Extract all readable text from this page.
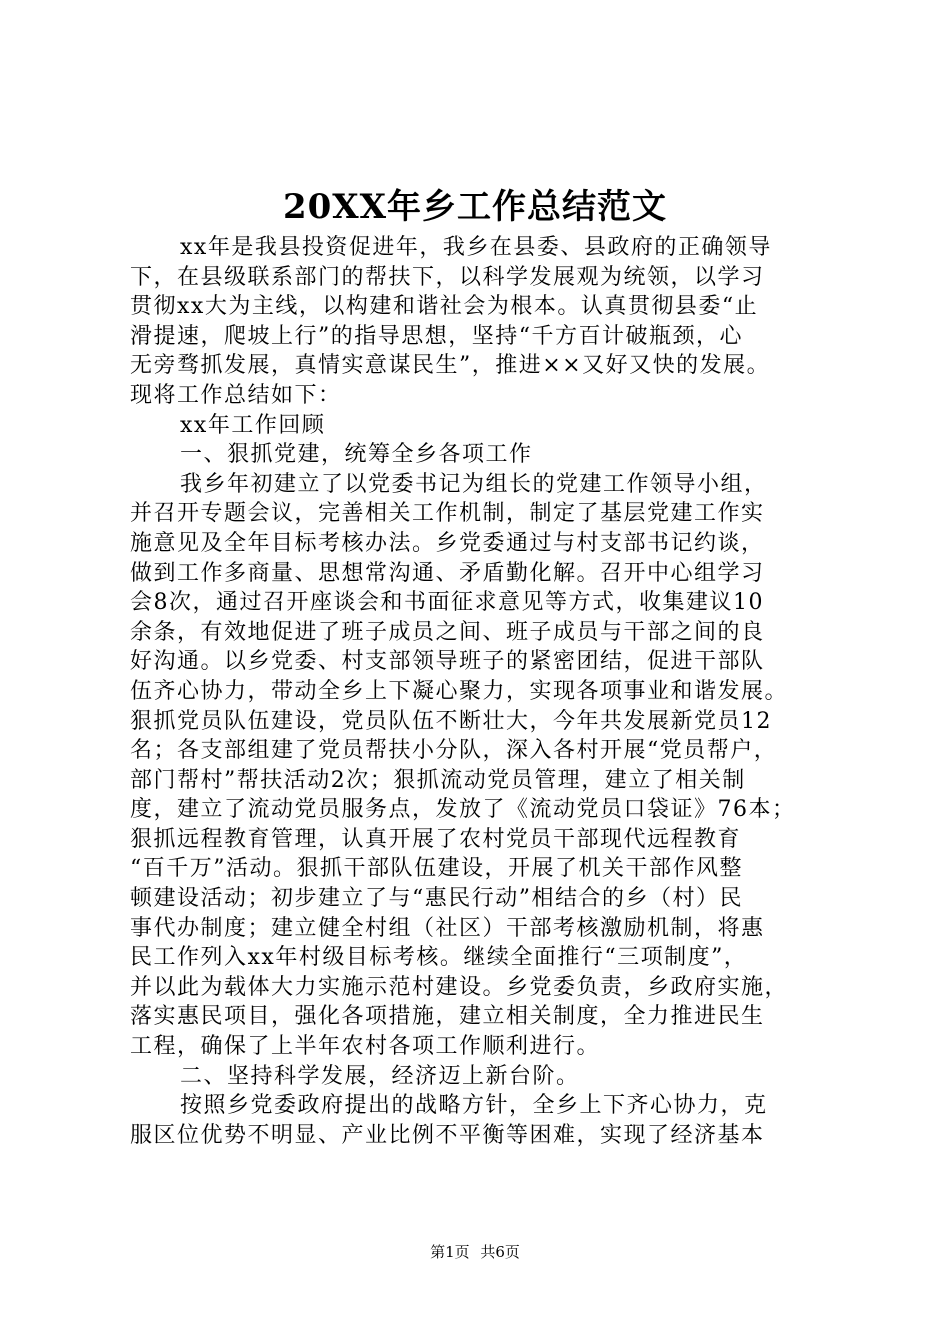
20XX年乡工作总结范文
xx年是我县投资促进年，我乡在县委、县政府的正确领导
下，在县级联系部门的帮扶下，以科学发展观为统领，以学习
贯彻xx大为主线，以构建和谐社会为根本。认真贯彻县委“止
滑提速，爬坡上行”的指导思想，坚持“千方百计破瓶颈，心
无旁骛抓发展，真情实意谋民生”，推进××又好又快的发展。
现将工作总结如下：
xx年工作回顾
一、狠抓党建，统筹全乡各项工作
我乡年初建立了以党委书记为组长的党建工作领导小组，
并召开专题会议，完善相关工作机制，制定了基层党建工作实
施意见及全年目标考核办法。乡党委通过与村支部书记约谈，
做到工作多商量、思想常沟通、矛盾勤化解。召开中心组学习
会8次，通过召开座谈会和书面征求意见等方式，收集建议10
余条，有效地促进了班子成员之间、班子成员与干部之间的良
好沟通。以乡党委、村支部领导班子的紧密团结，促进干部队
伍齐心协力，带动全乡上下凝心聚力，实现各项事业和谐发展。
狠抓党员队伍建设，党员队伍不断壮大，今年共发展新党员12
名；各支部组建了党员帮扶小分队，深入各村开展“党员帮户，
部门帮村”帮扶活动2次；狠抓流动党员管理，建立了相关制
度，建立了流动党员服务点，发放了《流动党员口袋证》76本；
狠抓远程教育管理，认真开展了农村党员干部现代远程教育
“百千万”活动。狠抓干部队伍建设，开展了机关干部作风整
顿建设活动；初步建立了与“惠民行动”相结合的乡（村）民
事代办制度；建立健全村组（社区）干部考核激励机制，将惠
民工作列入xx年村级目标考核。继续全面推行“三项制度”，
并以此为载体大力实施示范村建设。乡党委负责，乡政府实施，
落实惠民项目，强化各项措施，建立相关制度，全力推进民生
工程，确保了上半年农村各项工作顺利进行。
二、坚持科学发展，经济迈上新台阶。
按照乡党委政府提出的战略方针，全乡上下齐心协力，克
服区位优势不明显、产业比例不平衡等困难，实现了经济基本
第1页 共6页
